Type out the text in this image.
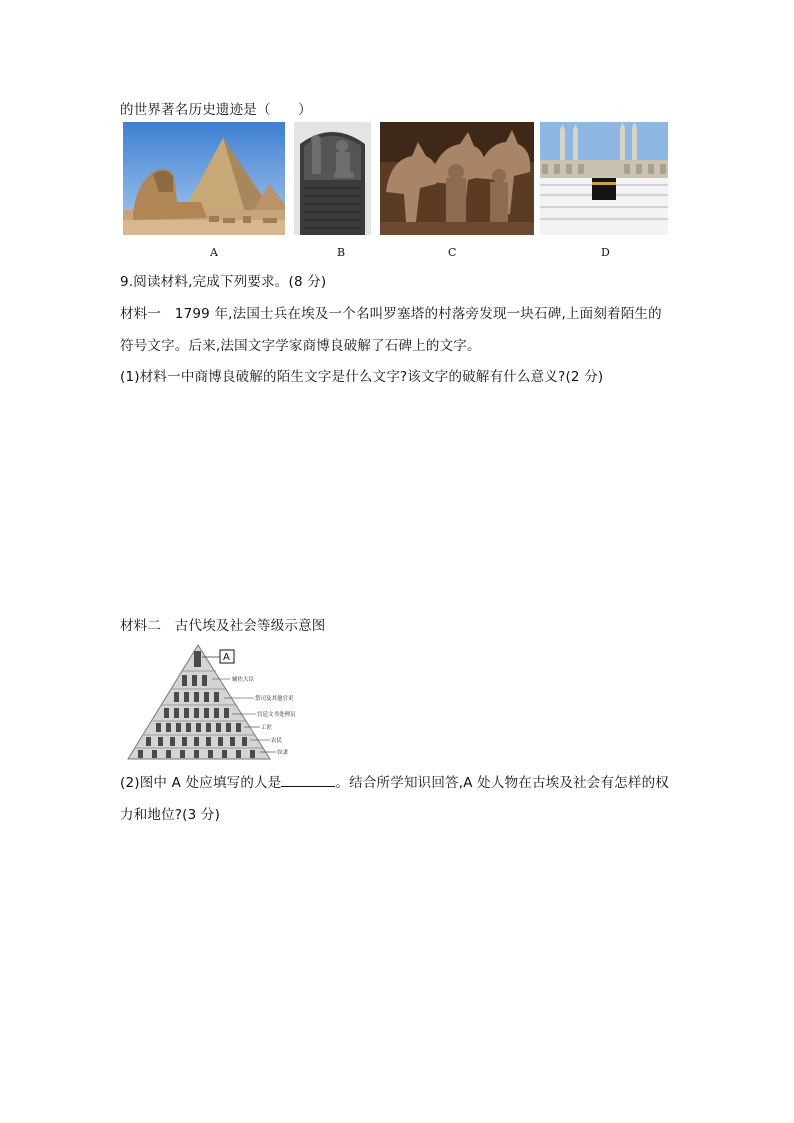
的世界著名历史遗迹是（　　）
A	B	C	D
9.阅读材料,完成下列要求。(8 分)
材料一　1799 年,法国士兵在埃及一个名叫罗塞塔的村落旁发现一块石碑,上面刻着陌生的
符号文字。后来,法国文字学家商博良破解了石碑上的文字。
(1)材料一中商博良破解的陌生文字是什么文字?该文字的破解有什么意义?(2 分)
材料二　古代埃及社会等级示意图
A
辅佐大臣
祭司及其他官吏
宫廷文书处理员
工匠
农民
奴隶
(2)图中 A 处应填写的人是	。结合所学知识回答,A 处人物在古埃及社会有怎样的权
力和地位?(3 分)
